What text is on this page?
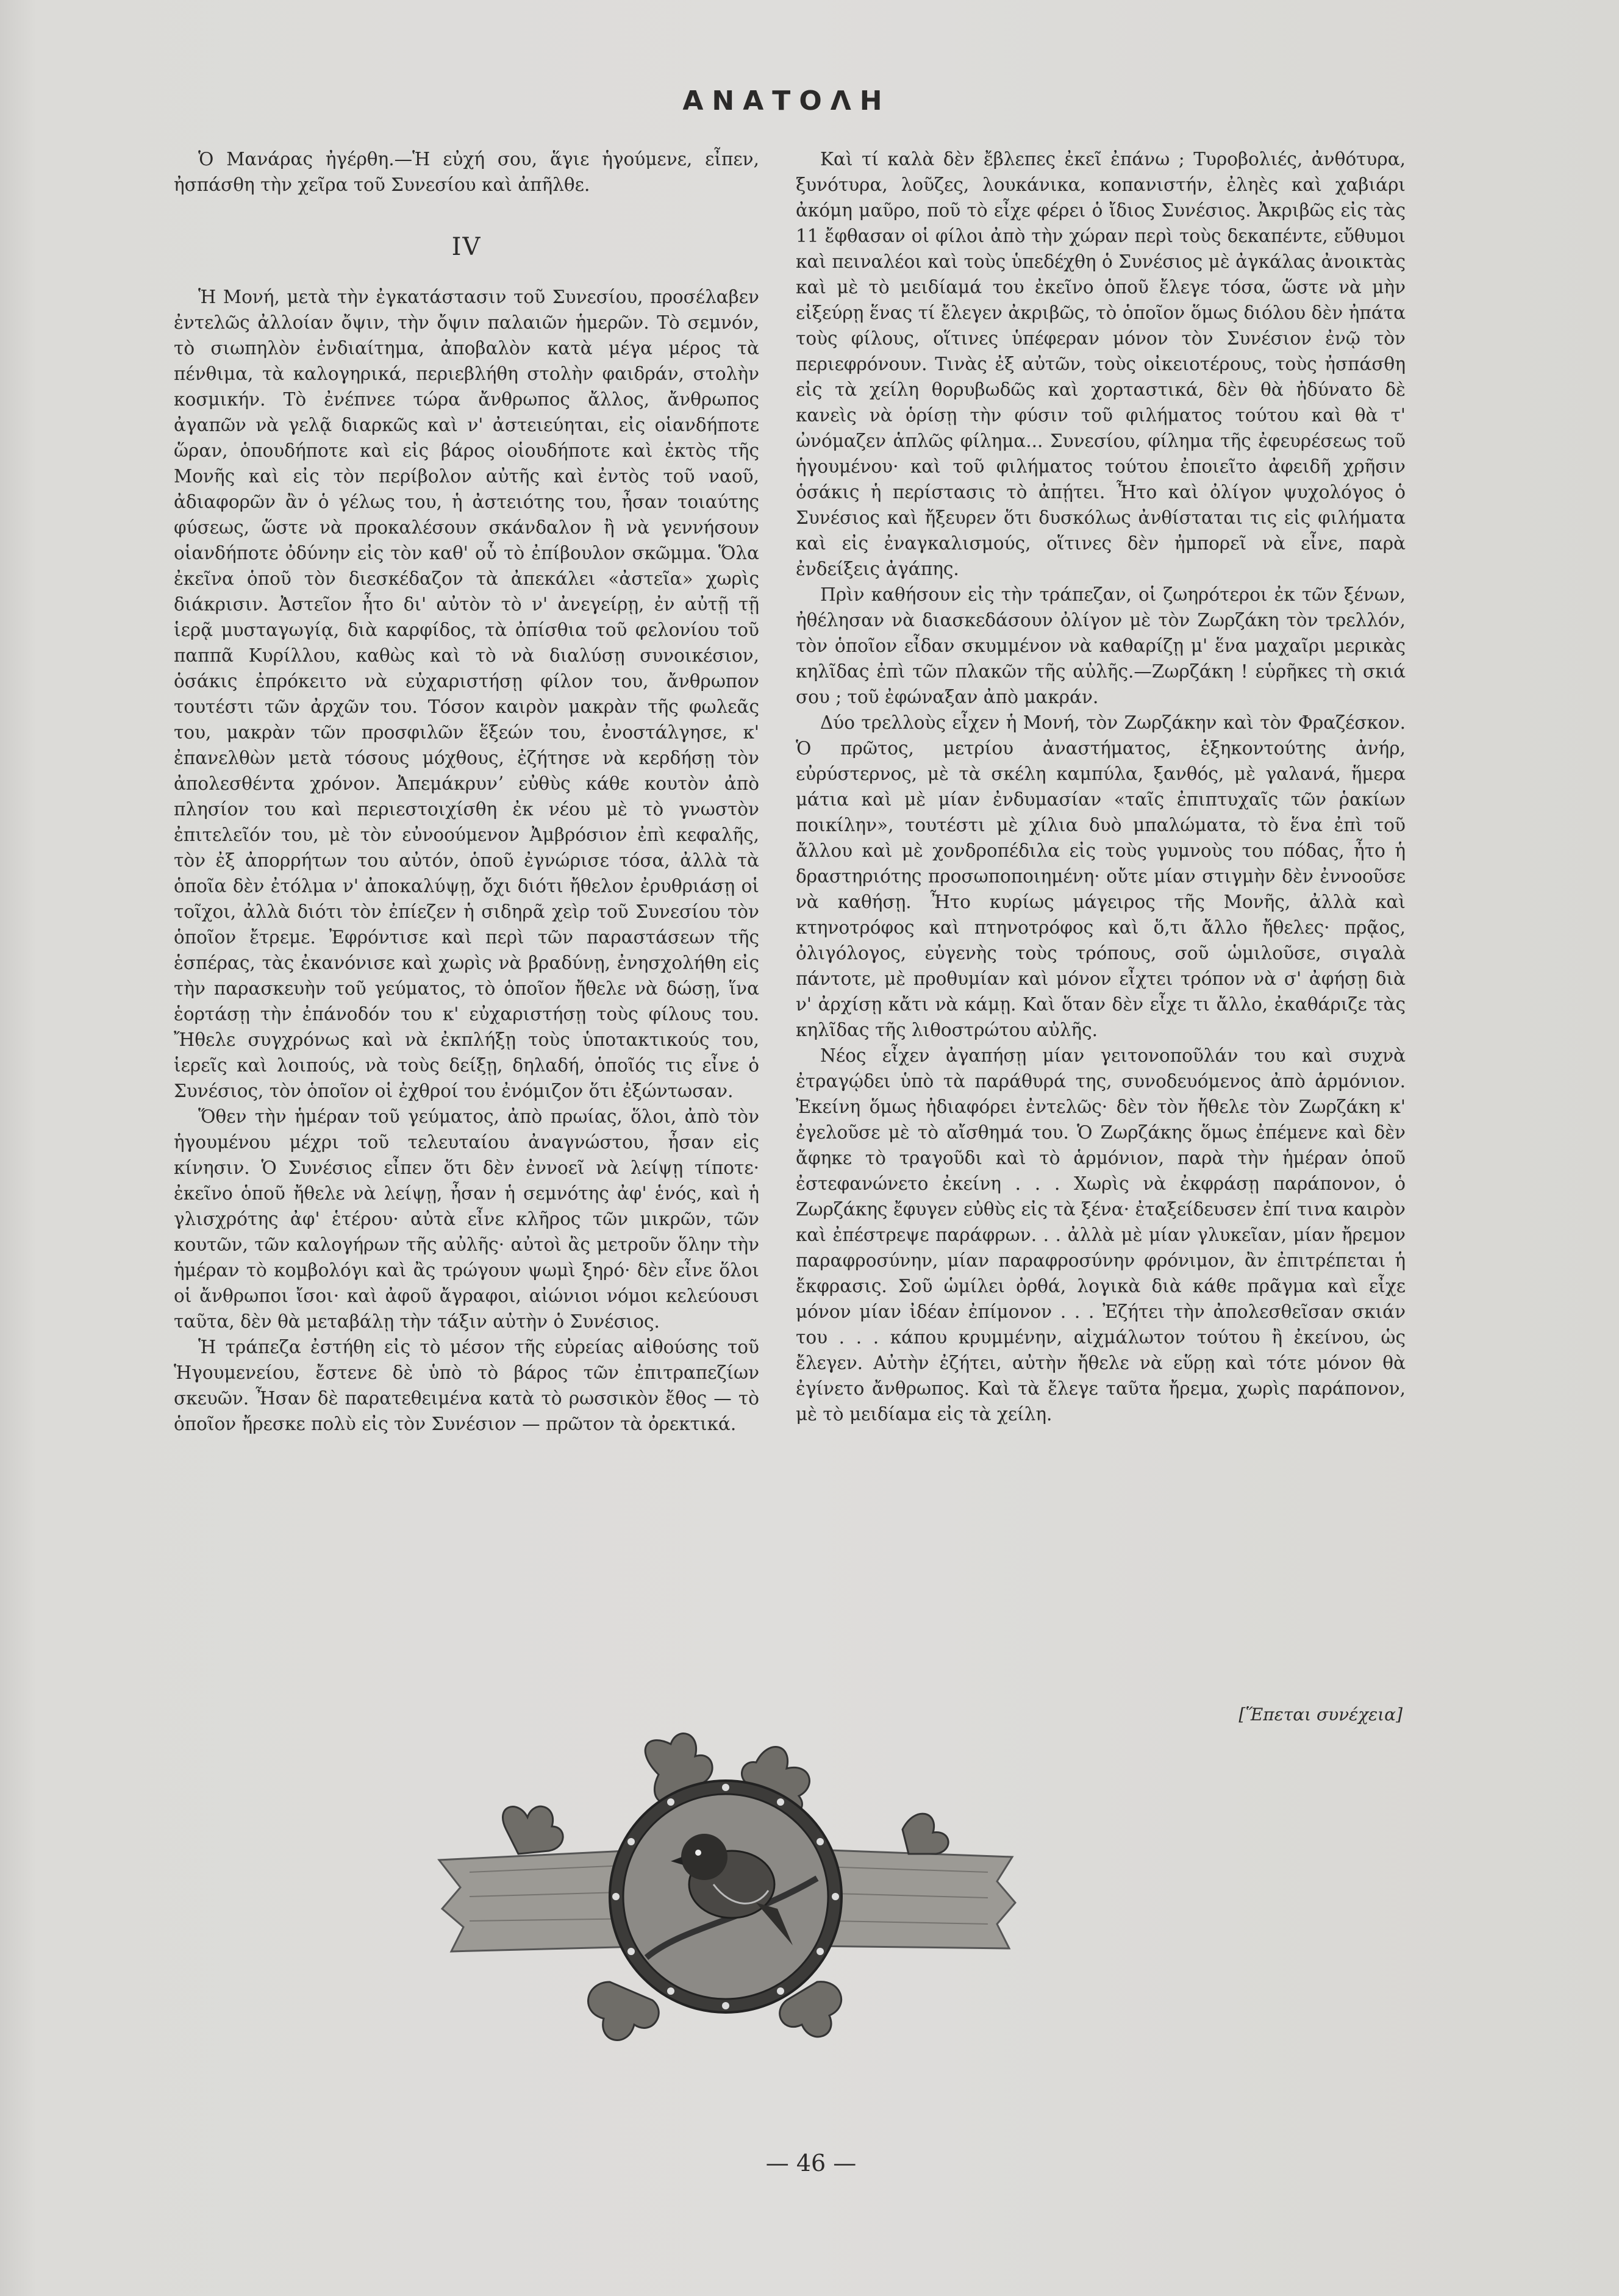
ΑΝΑΤΟΛΗ

Ὁ Μανάρας ἠγέρθη.—Ἡ εὐχή σου, ἅγιε ἡγούμενε, εἶπεν, ἠσπάσθη τὴν χεῖρα τοῦ Συνεσίου καὶ ἀπῆλθε.

IV

Ἡ Μονή, μετὰ τὴν ἐγκατάστασιν τοῦ Συνεσίου, προσέλαβεν ἐντελῶς ἀλλοίαν ὄψιν, τὴν ὄψιν παλαιῶν ἡμερῶν. Τὸ σεμνόν, τὸ σιωπηλὸν ἐνδιαίτημα, ἀποβαλὸν κατὰ μέγα μέρος τὰ πένθιμα, τὰ καλογηρικά, περιεβλήθη στολὴν φαιδράν, στολὴν κοσμικήν. Τὸ ἐνέπνεε τώρα ἄνθρωπος ἄλλος, ἄνθρωπος ἀγαπῶν νὰ γελᾷ διαρκῶς καὶ ν' ἀστειεύηται, εἰς οἱανδήποτε ὥραν, ὁπουδήποτε καὶ εἰς βάρος οἱουδήποτε καὶ ἐκτὸς τῆς Μονῆς καὶ εἰς τὸν περίβολον αὐτῆς καὶ ἐντὸς τοῦ ναοῦ, ἀδιαφορῶν ἂν ὁ γέλως του, ἡ ἀστειότης του, ἦσαν τοιαύτης φύσεως, ὥστε νὰ προκαλέσουν σκάνδαλον ἢ νὰ γεννήσουν οἱανδήποτε ὀδύνην εἰς τὸν καθ' οὗ τὸ ἐπίβουλον σκῶμμα. Ὅλα ἐκεῖνα ὁποῦ τὸν διεσκέδαζον τὰ ἀπεκάλει «ἀστεῖα» χωρὶς διάκρισιν. Ἀστεῖον ἦτο δι' αὐτὸν τὸ ν' ἀνεγείρῃ, ἐν αὐτῇ τῇ ἱερᾷ μυσταγωγίᾳ, διὰ καρφίδος, τὰ ὀπίσθια τοῦ φελονίου τοῦ παππᾶ Κυρίλλου, καθὼς καὶ τὸ νὰ διαλύσῃ συνοικέσιον, ὁσάκις ἐπρόκειτο νὰ εὐχαριστήσῃ φίλον του, ἄνθρωπον τουτέστι τῶν ἀρχῶν του. Τόσον καιρὸν μακρὰν τῆς φωλεᾶς του, μακρὰν τῶν προσφιλῶν ἕξεών του, ἐνοστάλγησε, κ' ἐπανελθὼν μετὰ τόσους μόχθους, ἐζήτησε νὰ κερδήσῃ τὸν ἀπολεσθέντα χρόνον. Ἀπεμάκρυνʼ εὐθὺς κάθε κουτὸν ἀπὸ πλησίον του καὶ περιεστοιχίσθη ἐκ νέου μὲ τὸ γνωστὸν ἐπιτελεῖόν του, μὲ τὸν εὐνοούμενον Ἀμβρόσιον ἐπὶ κεφαλῆς, τὸν ἐξ ἀπορρήτων του αὐτόν, ὁποῦ ἐγνώρισε τόσα, ἀλλὰ τὰ ὁποῖα δὲν ἐτόλμα ν' ἀποκαλύψῃ, ὄχι διότι ἤθελον ἐρυθριάσῃ οἱ τοῖχοι, ἀλλὰ διότι τὸν ἐπίεζεν ἡ σιδηρᾶ χεὶρ τοῦ Συνεσίου τὸν ὁποῖον ἔτρεμε. Ἐφρόντισε καὶ περὶ τῶν παραστάσεων τῆς ἑσπέρας, τὰς ἐκανόνισε καὶ χωρὶς νὰ βραδύνῃ, ἐνησχολήθη εἰς τὴν παρασκευὴν τοῦ γεύματος, τὸ ὁποῖον ἤθελε νὰ δώσῃ, ἵνα ἑορτάσῃ τὴν ἐπάνοδόν του κ' εὐχαριστήσῃ τοὺς φίλους του. Ἤθελε συγχρόνως καὶ νὰ ἐκπλήξῃ τοὺς ὑποτακτικούς του, ἱερεῖς καὶ λοιπούς, νὰ τοὺς δείξῃ, δηλαδή, ὁποῖός τις εἶνε ὁ Συνέσιος, τὸν ὁποῖον οἱ ἐχθροί του ἐνόμιζον ὅτι ἐξώντωσαν.

Ὅθεν τὴν ἡμέραν τοῦ γεύματος, ἀπὸ πρωίας, ὅλοι, ἀπὸ τὸν ἡγουμένου μέχρι τοῦ τελευταίου ἀναγνώστου, ἦσαν εἰς κίνησιν. Ὁ Συνέσιος εἶπεν ὅτι δὲν ἐννοεῖ νὰ λείψῃ τίποτε· ἐκεῖνο ὁποῦ ἤθελε νὰ λείψῃ, ἦσαν ἡ σεμνότης ἀφ' ἑνός, καὶ ἡ γλισχρότης ἀφ' ἑτέρου· αὐτὰ εἶνε κλῆρος τῶν μικρῶν, τῶν κουτῶν, τῶν καλογήρων τῆς αὐλῆς· αὐτοὶ ἂς μετροῦν ὅλην τὴν ἡμέραν τὸ κομβολόγι καὶ ἂς τρώγουν ψωμὶ ξηρό· δὲν εἶνε ὅλοι οἱ ἄνθρωποι ἴσοι· καὶ ἀφοῦ ἄγραφοι, αἰώνιοι νόμοι κελεύουσι ταῦτα, δὲν θὰ μεταβάλῃ τὴν τάξιν αὐτὴν ὁ Συνέσιος.

Ἡ τράπεζα ἐστήθη εἰς τὸ μέσον τῆς εὐρείας αἰθούσης τοῦ Ἡγουμενείου, ἔστενε δὲ ὑπὸ τὸ βάρος τῶν ἐπιτραπεζίων σκευῶν. Ἦσαν δὲ παρατεθειμένα κατὰ τὸ ρωσσικὸν ἔθος — τὸ ὁποῖον ἤρεσκε πολὺ εἰς τὸν Συνέσιον — πρῶτον τὰ ὀρεκτικά.

Καὶ τί καλὰ δὲν ἔβλεπες ἐκεῖ ἐπάνω ; Τυροβολιές, ἀνθότυρα, ξυνότυρα, λοῦζες, λουκάνικα, κοπανιστήν, ἐληὲς καὶ χαβιάρι ἀκόμη μαῦρο, ποῦ τὸ εἶχε φέρει ὁ ἴδιος Συνέσιος. Ἀκριβῶς εἰς τὰς 11 ἔφθασαν οἱ φίλοι ἀπὸ τὴν χώραν περὶ τοὺς δεκαπέντε, εὔθυμοι καὶ πειναλέοι καὶ τοὺς ὑπεδέχθη ὁ Συνέσιος μὲ ἀγκάλας ἀνοικτὰς καὶ μὲ τὸ μειδίαμά του ἐκεῖνο ὁποῦ ἔλεγε τόσα, ὥστε νὰ μὴν εἰξεύρῃ ἕνας τί ἔλεγεν ἀκριβῶς, τὸ ὁποῖον ὅμως διόλου δὲν ἠπάτα τοὺς φίλους, οἵτινες ὑπέφεραν μόνον τὸν Συνέσιον ἐνῷ τὸν περιεφρόνουν. Τινὰς ἐξ αὐτῶν, τοὺς οἰκειοτέρους, τοὺς ἠσπάσθη εἰς τὰ χείλη θορυβωδῶς καὶ χορταστικά, δὲν θὰ ἠδύνατο δὲ κανεὶς νὰ ὁρίσῃ τὴν φύσιν τοῦ φιλήματος τούτου καὶ θὰ τ' ὠνόμαζεν ἁπλῶς φίλημα... Συνεσίου, φίλημα τῆς ἐφευρέσεως τοῦ ἡγουμένου· καὶ τοῦ φιλήματος τούτου ἐποιεῖτο ἀφειδῆ χρῆσιν ὁσάκις ἡ περίστασις τὸ ἀπῄτει. Ἦτο καὶ ὀλίγον ψυχολόγος ὁ Συνέσιος καὶ ἤξευρεν ὅτι δυσκόλως ἀνθίσταται τις εἰς φιλήματα καὶ εἰς ἐναγκαλισμούς, οἵτινες δὲν ἠμπορεῖ νὰ εἶνε, παρὰ ἐνδείξεις ἀγάπης.

Πρὶν καθήσουν εἰς τὴν τράπεζαν, οἱ ζωηρότεροι ἐκ τῶν ξένων, ἠθέλησαν νὰ διασκεδάσουν ὀλίγον μὲ τὸν Ζωρζάκη τὸν τρελλόν, τὸν ὁποῖον εἶδαν σκυμμένον νὰ καθαρίζῃ μ' ἕνα μαχαῖρι μερικὰς κηλῖδας ἐπὶ τῶν πλακῶν τῆς αὐλῆς.—Ζωρζάκη ! εὑρῆκες τὴ σκιά σου ; τοῦ ἐφώναξαν ἀπὸ μακράν.

Δύο τρελλοὺς εἶχεν ἡ Μονή, τὸν Ζωρζάκην καὶ τὸν Φραζέσκον. Ὁ πρῶτος, μετρίου ἀναστήματος, ἑξηκοντούτης ἀνήρ, εὐρύστερνος, μὲ τὰ σκέλη καμπύλα, ξανθός, μὲ γαλανά, ἥμερα μάτια καὶ μὲ μίαν ἐνδυμασίαν «ταῖς ἐπιπτυχαῖς τῶν ῥακίων ποικίλην», τουτέστι μὲ χίλια δυὸ μπαλώματα, τὸ ἕνα ἐπὶ τοῦ ἄλλου καὶ μὲ χονδροπέδιλα εἰς τοὺς γυμνοὺς του πόδας, ἦτο ἡ δραστηριότης προσωποποιημένη· οὔτε μίαν στιγμὴν δὲν ἐννοοῦσε νὰ καθήσῃ. Ἦτο κυρίως μάγειρος τῆς Μονῆς, ἀλλὰ καὶ κτηνοτρόφος καὶ πτηνοτρόφος καὶ ὅ,τι ἄλλο ἤθελες· πρᾷος, ὀλιγόλογος, εὐγενὴς τοὺς τρόπους, σοῦ ὡμιλοῦσε, σιγαλὰ πάντοτε, μὲ προθυμίαν καὶ μόνον εἶχτει τρόπον νὰ σ' ἀφήσῃ διὰ ν' ἀρχίσῃ κἄτι νὰ κάμῃ. Καὶ ὅταν δὲν εἶχε τι ἄλλο, ἐκαθάριζε τὰς κηλῖδας τῆς λιθοστρώτου αὐλῆς.

Νέος εἶχεν ἀγαπήσῃ μίαν γειτονοποῦλάν του καὶ συχνὰ ἐτραγῴδει ὑπὸ τὰ παράθυρά της, συνοδευόμενος ἀπὸ ἁρμόνιον. Ἐκείνη ὅμως ἠδιαφόρει ἐντελῶς· δὲν τὸν ἤθελε τὸν Ζωρζάκη κ' ἐγελοῦσε μὲ τὸ αἴσθημά του. Ὁ Ζωρζάκης ὅμως ἐπέμενε καὶ δὲν ἄφηκε τὸ τραγοῦδι καὶ τὸ ἁρμόνιον, παρὰ τὴν ἡμέραν ὁποῦ ἐστεφανώνετο ἐκείνη . . . Χωρὶς νὰ ἐκφράσῃ παράπονον, ὁ Ζωρζάκης ἔφυγεν εὐθὺς εἰς τὰ ξένα· ἐταξείδευσεν ἐπί τινα καιρὸν καὶ ἐπέστρεψε παράφρων. . . ἀλλὰ μὲ μίαν γλυκεῖαν, μίαν ἤρεμον παραφροσύνην, μίαν παραφροσύνην φρόνιμον, ἂν ἐπιτρέπεται ἡ ἔκφρασις. Σοῦ ὡμίλει ὀρθά, λογικὰ διὰ κάθε πρᾶγμα καὶ εἶχε μόνον μίαν ἰδέαν ἐπίμονον . . . Ἐζήτει τὴν ἀπολεσθεῖσαν σκιάν του . . . κάπου κρυμμένην, αἰχμάλωτον τούτου ἢ ἐκείνου, ὡς ἔλεγεν. Αὐτὴν ἐζήτει, αὐτὴν ἤθελε νὰ εὕρῃ καὶ τότε μόνον θὰ ἐγίνετο ἄνθρωπος. Καὶ τὰ ἔλεγε ταῦτα ἤρεμα, χωρὶς παράπονον, μὲ τὸ μειδίαμα εἰς τὰ χείλη.

[Ἕπεται συνέχεια]
— 46 —
